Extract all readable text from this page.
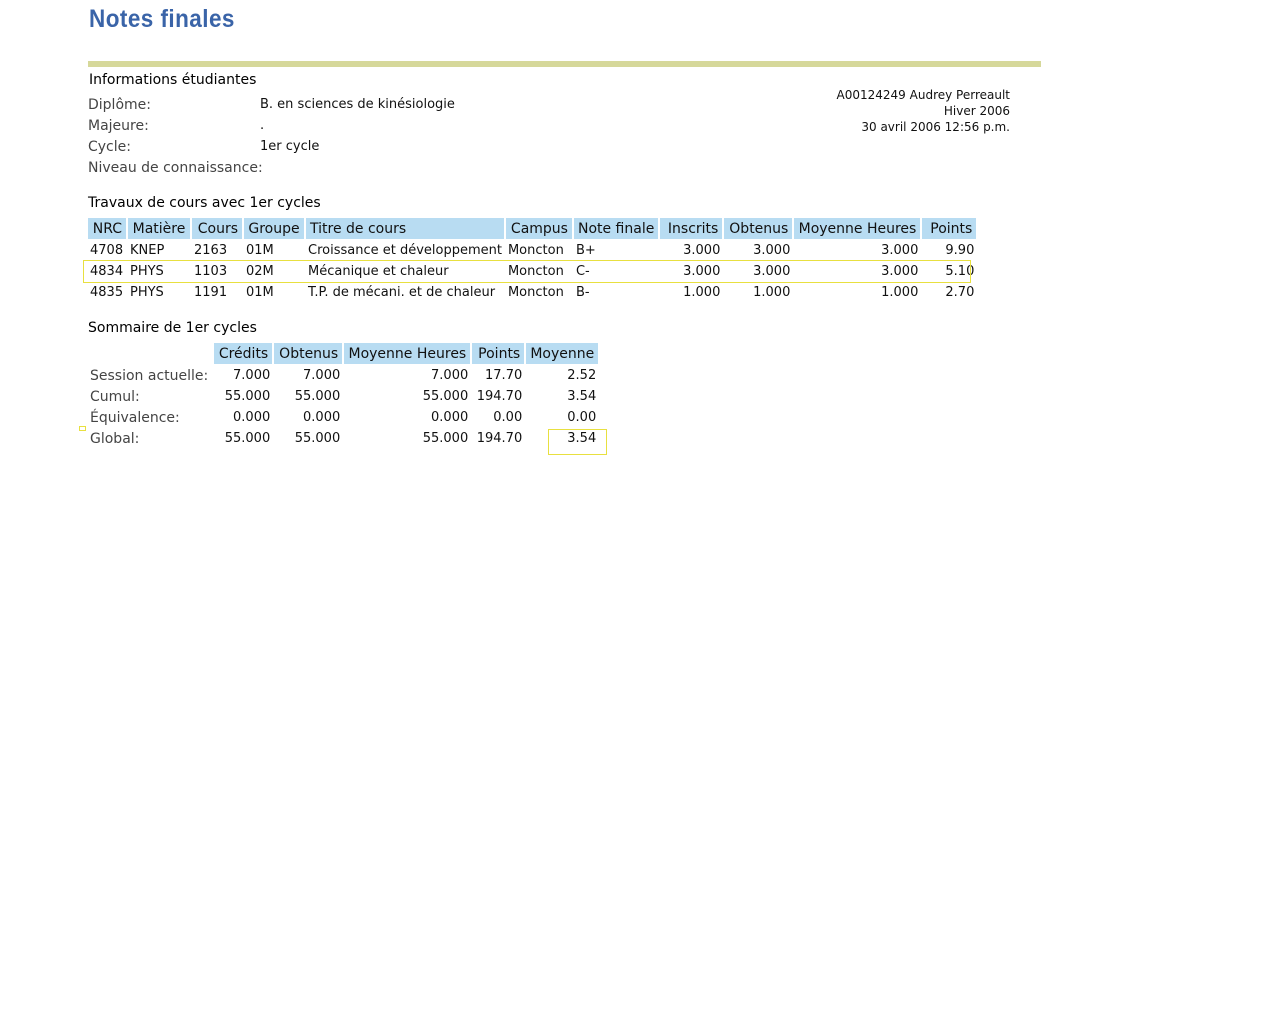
Notes finales
Informations étudiantes
Diplôme:	B. en sciences de kinésiologie
Majeure:	.
Cycle:	1er cycle
Niveau de connaissance:
A00124249 Audrey Perreault
Hiver 2006
30 avril 2006 12:56 p.m.
Travaux de cours avec 1er cycles
NRC	Matière	Cours	Groupe	Titre de cours	Campus	Note finale	Inscrits	Obtenus	Moyenne Heures	Points
4708	KNEP	2163	01M	Croissance et développement	Moncton	B+	3.000	3.000	3.000	9.90
4834	PHYS	1103	02M	Mécanique et chaleur	Moncton	C-	3.000	3.000	3.000	5.10
4835	PHYS	1191	01M	T.P. de mécani. et de chaleur	Moncton	B-	1.000	1.000	1.000	2.70
Sommaire de 1er cycles
	Crédits	Obtenus	Moyenne Heures	Points	Moyenne
Session actuelle:	7.000	7.000	7.000	17.70	2.52
Cumul:	55.000	55.000	55.000	194.70	3.54
Équivalence:	0.000	0.000	0.000	0.00	0.00
Global:	55.000	55.000	55.000	194.70	3.54
